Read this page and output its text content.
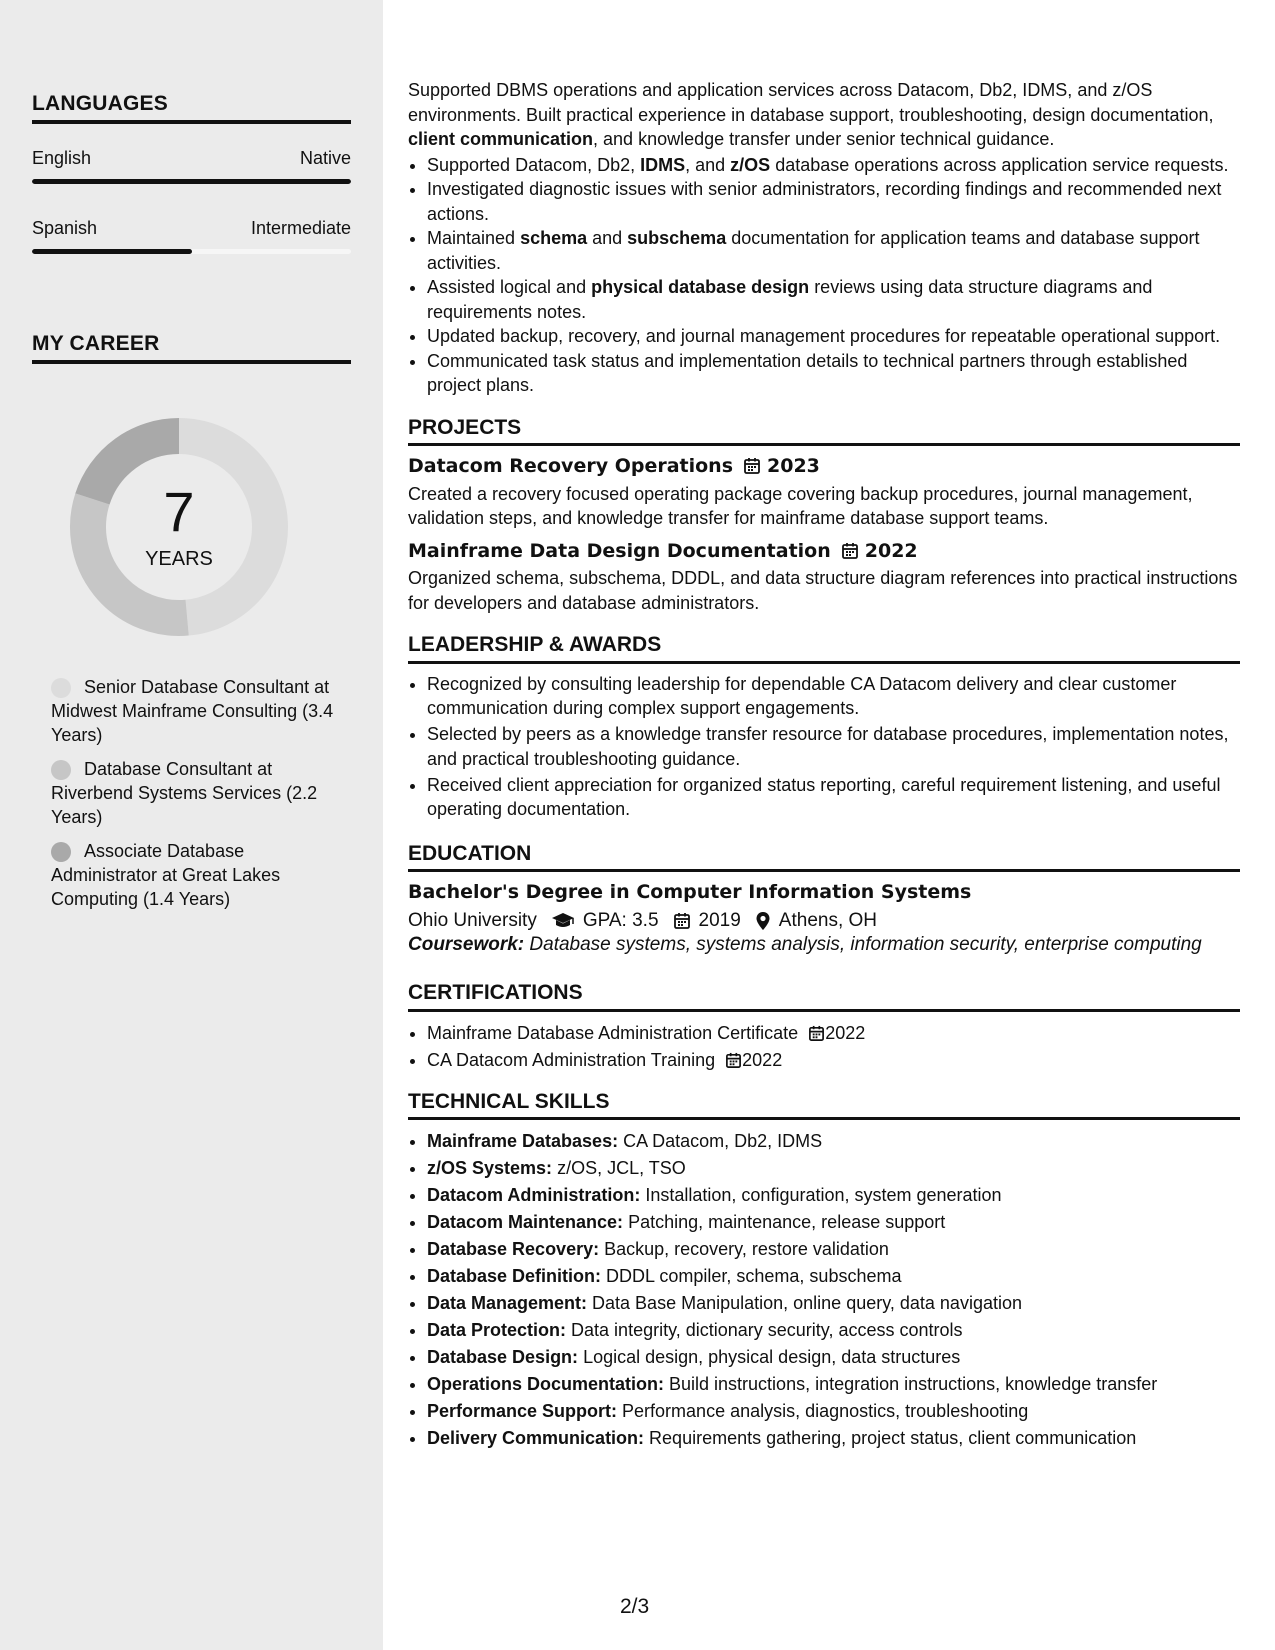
LANGUAGES
English	Native
Spanish	Intermediate
MY CAREER
7
YEARS
Senior Database Consultant at Midwest Mainframe Consulting (3.4 Years)
Database Consultant at Riverbend Systems Services (2.2 Years)
Associate Database Administrator at Great Lakes Computing (1.4 Years)

Supported DBMS operations and application services across Datacom, Db2, IDMS, and z/OS environments. Built practical experience in database support, troubleshooting, design documentation, client communication, and knowledge transfer under senior technical guidance.

• Supported Datacom, Db2, IDMS, and z/OS database operations across application service requests.
• Investigated diagnostic issues with senior administrators, recording findings and recommended next actions.
• Maintained schema and subschema documentation for application teams and database support activities.
• Assisted logical and physical database design reviews using data structure diagrams and requirements notes.
• Updated backup, recovery, and journal management procedures for repeatable operational support.
• Communicated task status and implementation details to technical partners through established project plans.
PROJECTS
Datacom Recovery Operations 2023

Created a recovery focused operating package covering backup procedures, journal management, validation steps, and knowledge transfer for mainframe database support teams.

Mainframe Data Design Documentation 2022

Organized schema, subschema, DDDL, and data structure diagram references into practical instructions for developers and database administrators.

LEADERSHIP & AWARDS
• Recognized by consulting leadership for dependable CA Datacom delivery and clear customer communication during complex support engagements.
• Selected by peers as a knowledge transfer resource for database procedures, implementation notes, and practical troubleshooting guidance.
• Received client appreciation for organized status reporting, careful requirement listening, and useful operating documentation.
EDUCATION
Bachelor's Degree in Computer Information Systems
Ohio University GPA: 3.5 2019 Athens, OH

Coursework: Database systems, systems analysis, information security, enterprise computing

CERTIFICATIONS
• Mainframe Database Administration Certificate 2022
• CA Datacom Administration Training 2022
TECHNICAL SKILLS
• Mainframe Databases: CA Datacom, Db2, IDMS
• z/OS Systems: z/OS, JCL, TSO
• Datacom Administration: Installation, configuration, system generation
• Datacom Maintenance: Patching, maintenance, release support
• Database Recovery: Backup, recovery, restore validation
• Database Definition: DDDL compiler, schema, subschema
• Data Management: Data Base Manipulation, online query, data navigation
• Data Protection: Data integrity, dictionary security, access controls
• Database Design: Logical design, physical design, data structures
• Operations Documentation: Build instructions, integration instructions, knowledge transfer
• Performance Support: Performance analysis, diagnostics, troubleshooting
• Delivery Communication: Requirements gathering, project status, client communication
2/3
